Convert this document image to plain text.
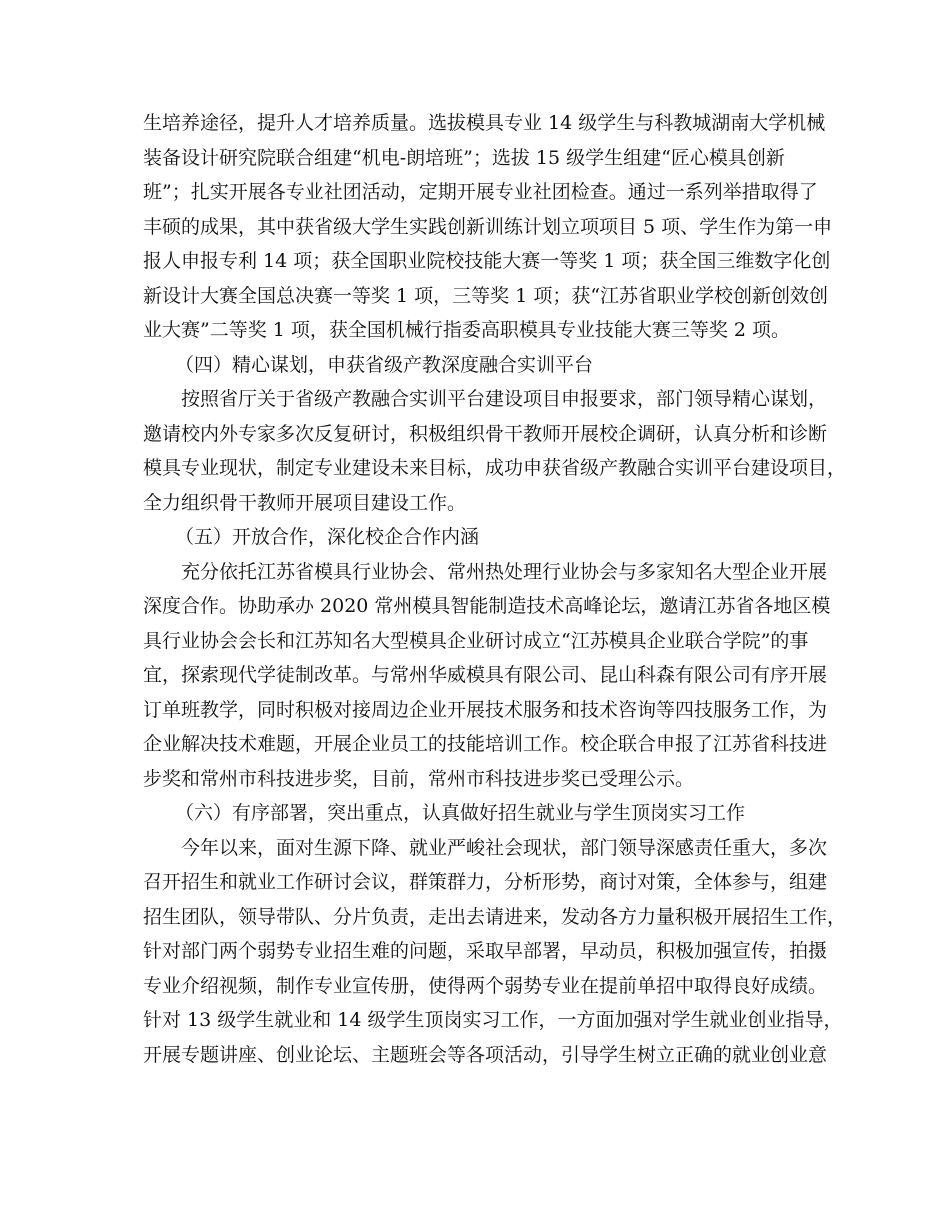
生培养途径，提升人才培养质量。选拔模具专业 14 级学生与科教城湖南大学机械
装备设计研究院联合组建“机电-朗培班”；选拔 15 级学生组建“匠心模具创新
班”；扎实开展各专业社团活动，定期开展专业社团检查。通过一系列举措取得了
丰硕的成果，其中获省级大学生实践创新训练计划立项项目 5 项、学生作为第一申
报人申报专利 14 项；获全国职业院校技能大赛一等奖 1 项；获全国三维数字化创
新设计大赛全国总决赛一等奖 1 项，三等奖 1 项；获“江苏省职业学校创新创效创
业大赛”二等奖 1 项，获全国机械行指委高职模具专业技能大赛三等奖 2 项。
（四）精心谋划，申获省级产教深度融合实训平台
按照省厅关于省级产教融合实训平台建设项目申报要求，部门领导精心谋划，
邀请校内外专家多次反复研讨，积极组织骨干教师开展校企调研，认真分析和诊断
模具专业现状，制定专业建设未来目标，成功申获省级产教融合实训平台建设项目，
全力组织骨干教师开展项目建设工作。
（五）开放合作，深化校企合作内涵
充分依托江苏省模具行业协会、常州热处理行业协会与多家知名大型企业开展
深度合作。协助承办 2020 常州模具智能制造技术高峰论坛，邀请江苏省各地区模
具行业协会会长和江苏知名大型模具企业研讨成立“江苏模具企业联合学院”的事
宜，探索现代学徒制改革。与常州华威模具有限公司、昆山科森有限公司有序开展
订单班教学，同时积极对接周边企业开展技术服务和技术咨询等四技服务工作，为
企业解决技术难题，开展企业员工的技能培训工作。校企联合申报了江苏省科技进
步奖和常州市科技进步奖，目前，常州市科技进步奖已受理公示。
（六）有序部署，突出重点，认真做好招生就业与学生顶岗实习工作
今年以来，面对生源下降、就业严峻社会现状，部门领导深感责任重大，多次
召开招生和就业工作研讨会议，群策群力，分析形势，商讨对策，全体参与，组建
招生团队，领导带队、分片负责，走出去请进来，发动各方力量积极开展招生工作，
针对部门两个弱势专业招生难的问题，采取早部署，早动员，积极加强宣传，拍摄
专业介绍视频，制作专业宣传册，使得两个弱势专业在提前单招中取得良好成绩。
针对 13 级学生就业和 14 级学生顶岗实习工作，一方面加强对学生就业创业指导，
开展专题讲座、创业论坛、主题班会等各项活动，引导学生树立正确的就业创业意
